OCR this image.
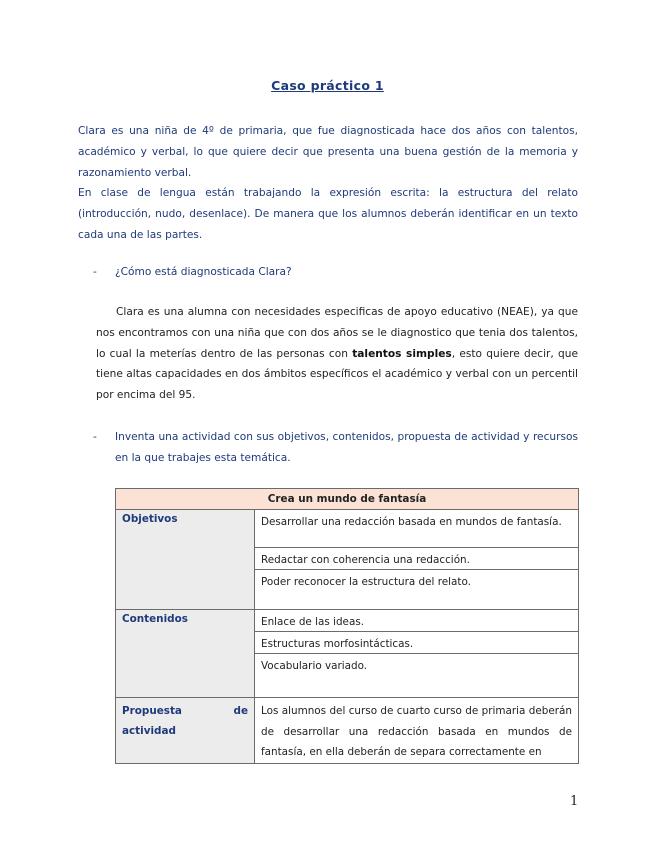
Caso práctico 1

Clara es una niña de 4º de primaria, que fue diagnosticada hace dos años con talentos, académico y verbal, lo que quiere decir que presenta una buena gestión de la memoria y razonamiento verbal.

En clase de lengua están trabajando la expresión escrita: la estructura del relato (introducción, nudo, desenlace). De manera que los alumnos deberán identificar en un texto cada una de las partes.

- ¿Cómo está diagnosticada Clara?
Clara es una alumna con necesidades especificas de apoyo educativo (NEAE), ya que nos encontramos con una niña que con dos años se le diagnostico que tenia dos talentos, lo cual la meterías dentro de las personas con talentos simples, esto quiere decir, que tiene altas capacidades en dos ámbitos específicos el académico y verbal con un percentil por encima del 95.
- Inventa una actividad con sus objetivos, contenidos, propuesta de actividad y recursos en la que trabajes esta temática.
Crea un mundo de fantasía	
Objetivos	Desarrollar una redacción basada en mundos de fantasía.
	Redactar con coherencia una redacción.
	Poder reconocer la estructura del relato.
Contenidos	Enlace de las ideas.
	Estructuras morfosintácticas.
	Vocabulario variado.

Propuesta de
actividad	Los alumnos del curso de cuarto curso de primaria deberán de desarrollar una redacción basada en mundos de fantasía, en ella deberán de separa correctamente en
1
